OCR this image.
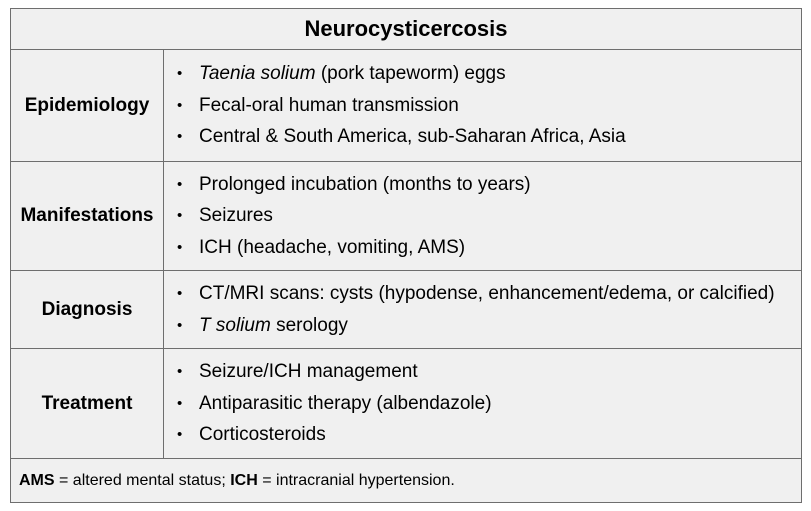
Neurocysticercosis
Epidemiology
• Taenia solium (pork tapeworm) eggs
• Fecal-oral human transmission
• Central & South America, sub-Saharan Africa, Asia
Manifestations
• Prolonged incubation (months to years)
• Seizures
• ICH (headache, vomiting, AMS)
Diagnosis
• CT/MRI scans: cysts (hypodense, enhancement/edema, or calcified)
• T solium serology
Treatment
• Seizure/ICH management
• Antiparasitic therapy (albendazole)
• Corticosteroids
AMS = altered mental status; ICH = intracranial hypertension.
